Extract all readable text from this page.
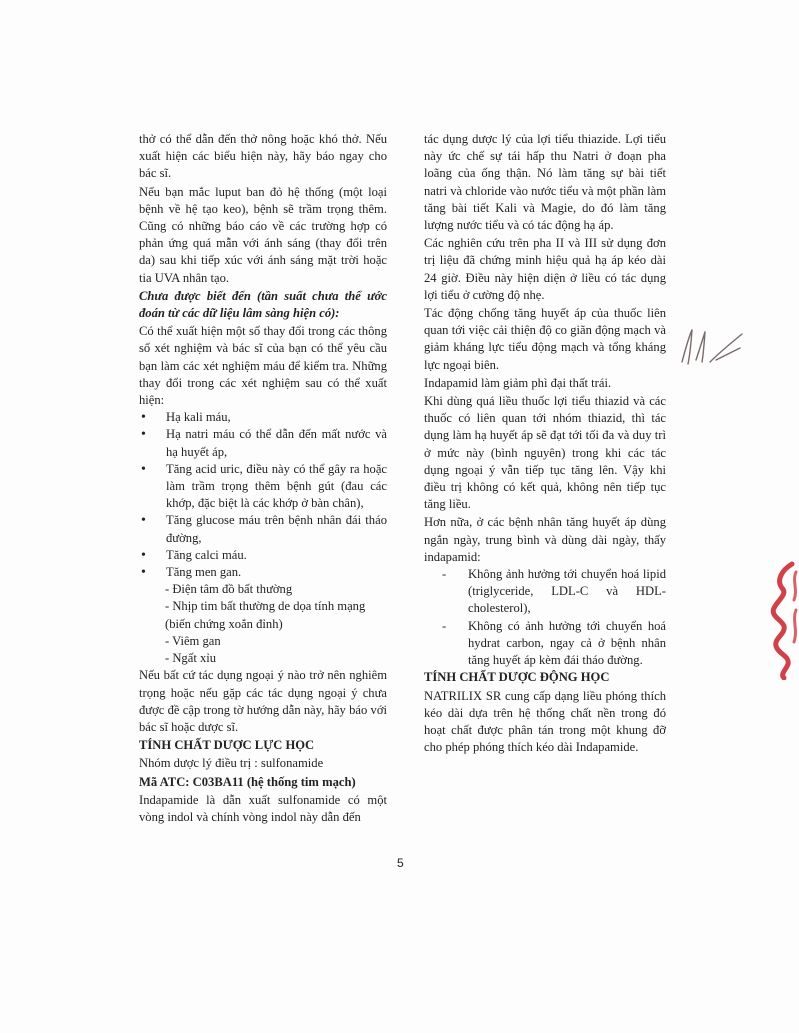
thở có thể dẫn đến thở nông hoặc khó thở. Nếu xuất hiện các biểu hiện này, hãy báo ngay cho bác sĩ.

Nếu bạn mắc luput ban đỏ hệ thống (một loại bệnh về hệ tạo keo), bệnh sẽ trầm trọng thêm. Cũng có những báo cáo về các trường hợp có phản ứng quá mẫn với ánh sáng (thay đổi trên da) sau khi tiếp xúc với ánh sáng mặt trời hoặc tia UVA nhân tạo.

Chưa được biết đến (tần suất chưa thể ước đoán từ các dữ liệu lâm sàng hiện có):

Có thể xuất hiện một số thay đổi trong các thông số xét nghiệm và bác sĩ của bạn có thể yêu cầu bạn làm các xét nghiệm máu để kiểm tra. Những thay đổi trong các xét nghiệm sau có thể xuất hiện:

• Hạ kali máu,
• Hạ natri máu có thể dẫn đến mất nước và hạ huyết áp,
• Tăng acid uric, điều này có thể gây ra hoặc làm trầm trọng thêm bệnh gút (đau các khớp, đặc biệt là các khớp ở bàn chân),
• Tăng glucose máu trên bệnh nhân đái tháo đường,
• Tăng calci máu.
• Tăng men gan.
- Điện tâm đồ bất thường
- Nhịp tim bất thường de dọa tính mạng (biến chứng xoắn đỉnh)
- Viêm gan
- Ngất xỉu

Nếu bất cứ tác dụng ngoại ý nào trở nên nghiêm trọng hoặc nếu gặp các tác dụng ngoại ý chưa được đề cập trong tờ hướng dẫn này, hãy báo với bác sĩ hoặc dược sĩ.

TÍNH CHẤT DƯỢC LỰC HỌC

Nhóm dược lý điều trị : sulfonamide

Mã ATC: C03BA11 (hệ thống tim mạch)

Indapamide là dẫn xuất sulfonamide có một vòng indol và chính vòng indol này dẫn đến

tác dụng dược lý của lợi tiểu thiazide. Lợi tiểu này ức chế sự tái hấp thu Natri ở đoạn pha loãng của ống thận. Nó làm tăng sự bài tiết natri và chloride vào nước tiểu và một phần làm tăng bài tiết Kali và Magie, do đó làm tăng lượng nước tiểu và có tác động hạ áp.

Các nghiên cứu trên pha II và III sử dụng đơn trị liệu đã chứng minh hiệu quả hạ áp kéo dài 24 giờ. Điều này hiện diện ở liều có tác dụng lợi tiểu ở cường độ nhẹ.

Tác động chống tăng huyết áp của thuốc liên quan tới việc cải thiện độ co giãn động mạch và giảm kháng lực tiểu động mạch và tổng kháng lực ngoại biên.

Indapamid làm giảm phì đại thất trái.

Khi dùng quá liều thuốc lợi tiểu thiazid và các thuốc có liên quan tới nhóm thiazid, thì tác dụng làm hạ huyết áp sẽ đạt tới tối đa và duy trì ở mức này (bình nguyên) trong khi các tác dụng ngoại ý vẫn tiếp tục tăng lên. Vậy khi điều trị không có kết quả, không nên tiếp tục tăng liều.

Hơn nữa, ở các bệnh nhân tăng huyết áp dùng ngắn ngày, trung bình và dùng dài ngày, thấy indapamid:

- Không ảnh hưởng tới chuyển hoá lipid (triglyceride, LDL-C và HDL-cholesterol),
- Không có ảnh hưởng tới chuyển hoá hydrat carbon, ngay cả ở bệnh nhân tăng huyết áp kèm đái tháo đường.

TÍNH CHẤT DƯỢC ĐỘNG HỌC

NATRILIX SR cung cấp dạng liều phóng thích kéo dài dựa trên hệ thống chất nền trong đó hoạt chất được phân tán trong một khung đỡ cho phép phóng thích kéo dài Indapamide.

5
